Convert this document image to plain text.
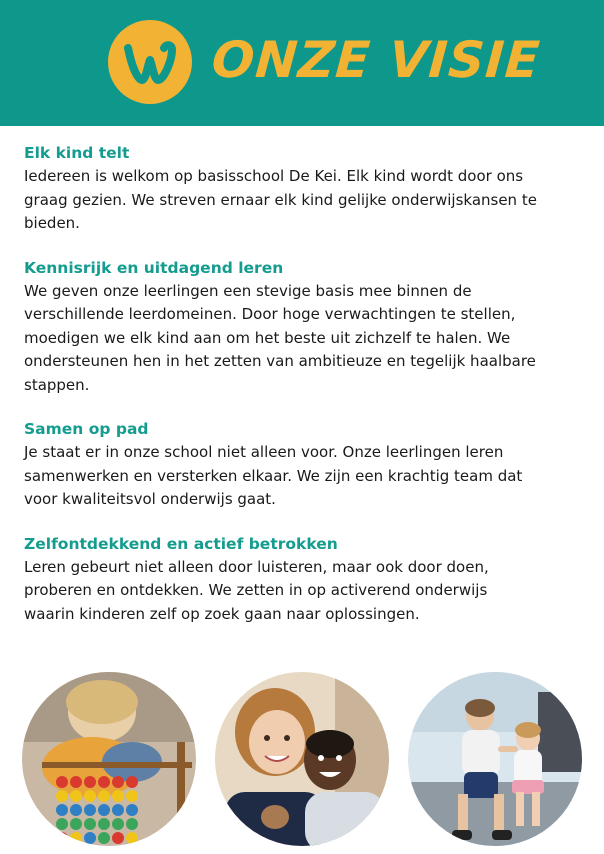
ONZE VISIE
Elk kind telt

Iedereen is welkom op basisschool De Kei. Elk kind wordt door ons
graag gezien. We streven ernaar elk kind gelijke onderwijskansen te
bieden.

Kennisrijk en uitdagend leren

We geven onze leerlingen een stevige basis mee binnen de
verschillende leerdomeinen. Door hoge verwachtingen te stellen,
moedigen we elk kind aan om het beste uit zichzelf te halen. We
ondersteunen hen in het zetten van ambitieuze en tegelijk haalbare
stappen.

Samen op pad

Je staat er in onze school niet alleen voor. Onze leerlingen leren
samenwerken en versterken elkaar. We zijn een krachtig team dat
voor kwaliteitsvol onderwijs gaat.

Zelfontdekkend en actief betrokken

Leren gebeurt niet alleen door luisteren, maar ook door doen,
proberen en ontdekken. We zetten in op activerend onderwijs
waarin kinderen zelf op zoek gaan naar oplossingen.
